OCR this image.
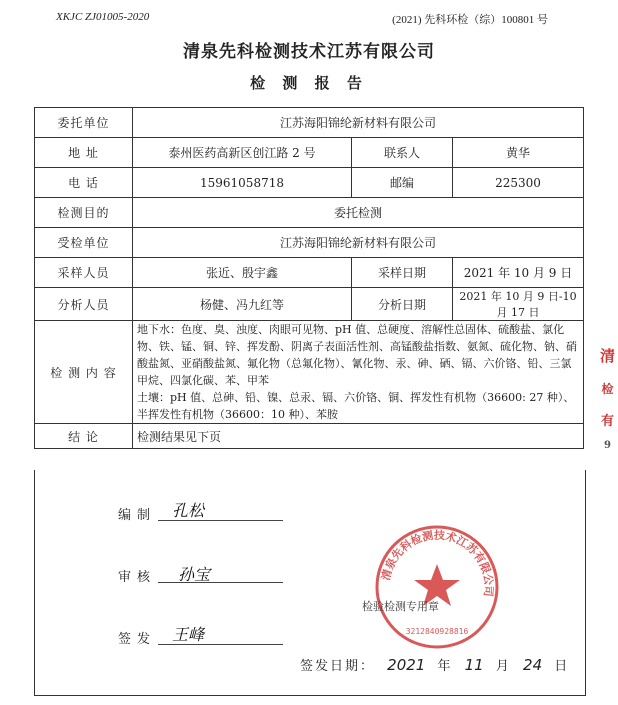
XKJC ZJ01005-2020	(2021) 先科环检（综）100801 号
清泉先科检测技术江苏有限公司
检 测 报 告
委托单位	江苏海阳锦纶新材料有限公司		
地 址	泰州医药高新区创江路 2 号	联系人	黄华
电 话	15961058718	邮编	225300
检测目的	委托检测		
受检单位	江苏海阳锦纶新材料有限公司		
采样人员	张近、殷宇鑫	采样日期	2021 年 10 月 9 日
分析人员	杨健、冯九红等	分析日期	2021 年 10 月 9 日-10 月 17 日
检 测 内 容	地下水：色度、臭、浊度、肉眼可见物、pH 值、总硬度、溶解性总固体、硫酸盐、氯化物、铁、锰、铜、锌、挥发酚、阴离子表面活性剂、高锰酸盐指数、氨氮、硫化物、钠、硝酸盐氮、亚硝酸盐氮、氟化物（总氟化物）、氰化物、汞、砷、硒、镉、六价铬、铅、三氯甲烷、四氯化碳、苯、甲苯
土壤：pH 值、总砷、铅、镍、总汞、镉、六价铬、铜、挥发性有机物（36600: 27 种）、半挥发性有机物（36600：10 种）、苯胺		

结 论	检测结果见下页		
编制 孔松
审核 孙宝
签发 王峰
清泉先科检测技术江苏有限公司
3212840928816
检验检测专用章
签发日期： 2021 年 11 月 24 日
清
检
有
9
